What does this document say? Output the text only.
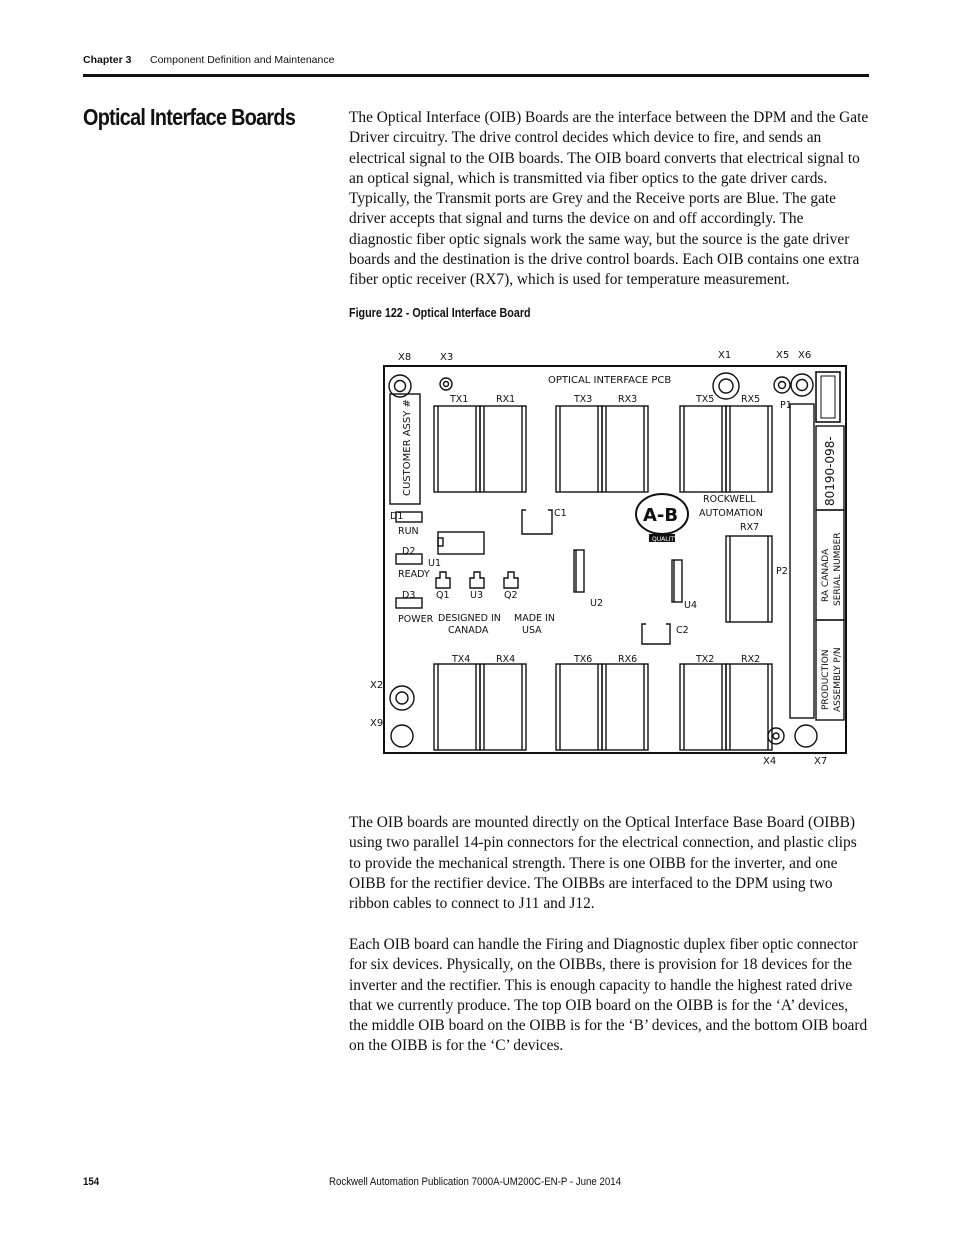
Chapter 3 Component Definition and Maintenance
Optical Interface Boards	The Optical Interface (OIB) Boards are the interface between the DPM and the Gate Driver circuitry. The drive control decides which device to fire, and sends an electrical signal to the OIB boards. The OIB board converts that electrical signal to an optical signal, which is transmitted via fiber optics to the gate driver cards. Typically, the Transmit ports are Grey and the Receive ports are Blue. The gate driver accepts that signal and turns the device on and off accordingly. The diagnostic fiber optic signals work the same way, but the source is the gate driver boards and the destination is the drive control boards. Each OIB contains one extra fiber optic receiver (RX7), which is used for temperature measurement.

Figure 122 - Optical Interface Board
X8	X3	X1	X5 X6
X2
X9
X4	X7
OPTICAL INTERFACE PCB
CUSTOMER ASSY #	TX1	RX1	TX3	RX3	TX5	RX5
P1
P2
80190-098-
RA CANADA SERIAL NUMBER
PRODUCTION ASSEMBLY P/N
A-B
QUALITY
ROCKWELL
AUTOMATION
RX7
C1
D1
RUN
D2
U1
READY
D3
POWER
Q1 U3 Q2
DESIGNED IN
CANADA
MADE IN
USA
U2	U4
C2
TX4	RX4	TX6	RX6	TX2	RX2

The OIB boards are mounted directly on the Optical Interface Base Board (OIBB) using two parallel 14-pin connectors for the electrical connection, and plastic clips to provide the mechanical strength. There is one OIBB for the inverter, and one OIBB for the rectifier device. The OIBBs are interfaced to the DPM using two ribbon cables to connect to J11 and J12.

Each OIB board can handle the Firing and Diagnostic duplex fiber optic connector for six devices. Physically, on the OIBBs, there is provision for 18 devices for the inverter and the rectifier. This is enough capacity to handle the highest rated drive that we currently produce. The top OIB board on the OIBB is for the ‘A’ devices, the middle OIB board on the OIBB is for the ‘B’ devices, and the bottom OIB board on the OIBB is for the ‘C’ devices.

154	Rockwell Automation Publication 7000A-UM200C-EN-P - June 2014
